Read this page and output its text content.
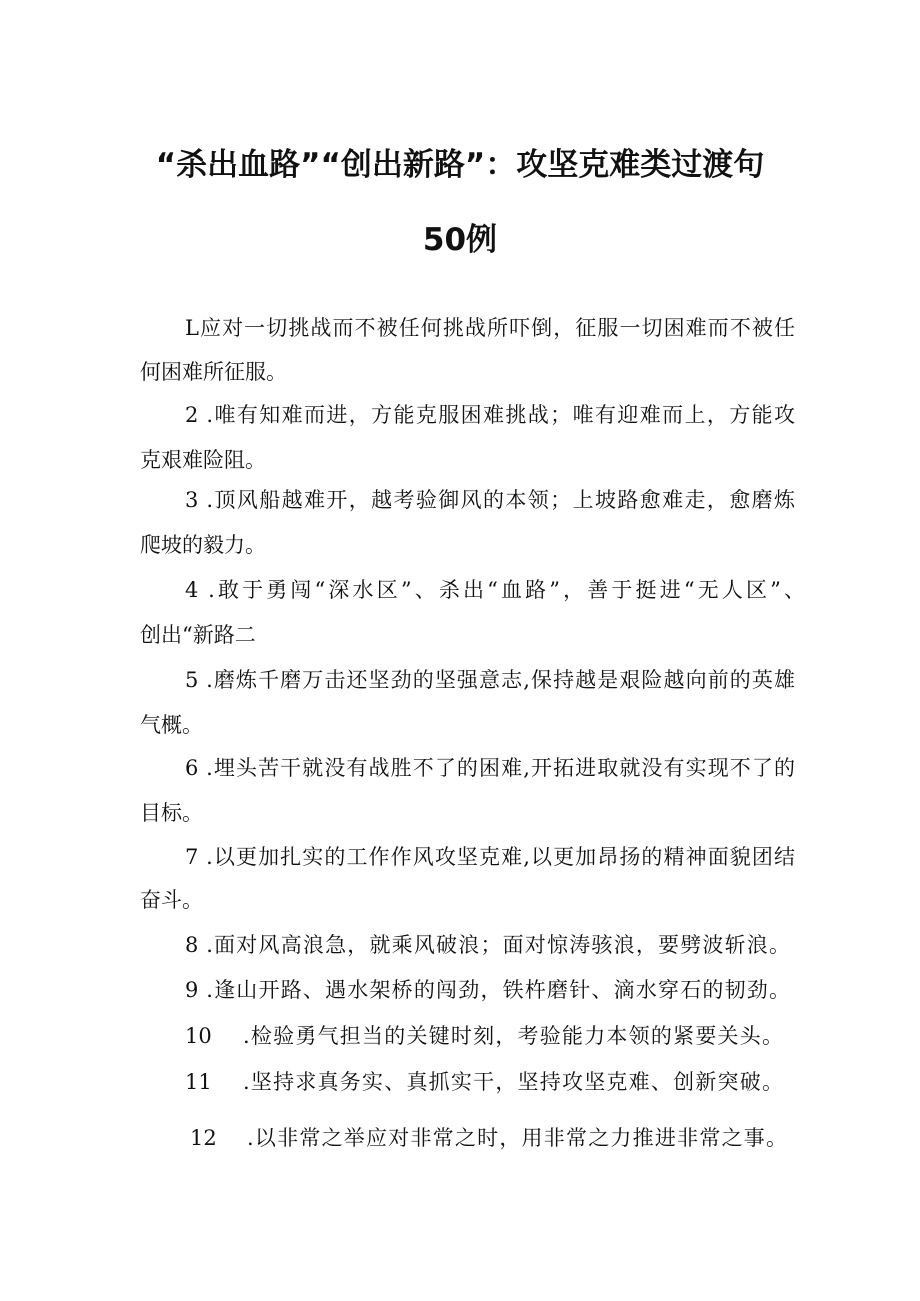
“杀出血路”“创出新路”：攻坚克难类过渡句
50例
L应对一切挑战而不被任何挑战所吓倒，征服一切困难而不被任
何困难所征服。
2 .唯有知难而进，方能克服困难挑战；唯有迎难而上，方能攻
克艰难险阻。
3 .顶风船越难开，越考验御风的本领；上坡路愈难走，愈磨炼
爬坡的毅力。
4 .敢于勇闯“深水区”、杀出“血路”，善于挺进“无人区”、
创出“新路二
5 .磨炼千磨万击还坚劲的坚强意志,保持越是艰险越向前的英雄
气概。
6 .埋头苦干就没有战胜不了的困难,开拓进取就没有实现不了的
目标。
7 .以更加扎实的工作作风攻坚克难,以更加昂扬的精神面貌团结
奋斗。
8 .面对风高浪急，就乘风破浪；面对惊涛骇浪，要劈波斩浪。
9 .逢山开路、遇水架桥的闯劲，铁杵磨针、滴水穿石的韧劲。
10 .检验勇气担当的关键时刻，考验能力本领的紧要关头。
11 .坚持求真务实、真抓实干，坚持攻坚克难、创新突破。
12 .以非常之举应对非常之时，用非常之力推进非常之事。
